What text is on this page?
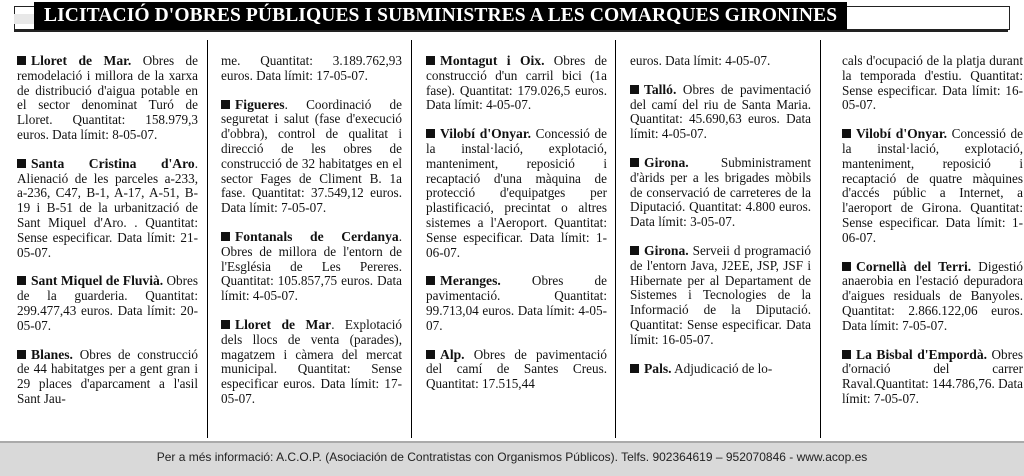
LICITACIÓ D'OBRES PÚBLIQUES I SUBMINISTRES A LES COMARQUES GIRONINES
Lloret de Mar. Obres de remodelació i millora de la xarxa de distribució d'aigua potable en el sector denominat Turó de Lloret. Quantitat: 158.979,3 euros. Data límit: 8-05-07.
Santa Cristina d'Aro. Alienació de les parceles a-233, a-236, C47, B-1, A-17, A-51, B-19 i B-51 de la urbanització de Sant Miquel d'Aro. . Quantitat: Sense especificar. Data límit: 21-05-07.
Sant Miquel de Fluvià. Obres de la guarderia. Quantitat: 299.477,43 euros. Data límit: 20-05-07.
Blanes. Obres de construcció de 44 habitatges per a gent gran i 29 places d'aparcament a l'asil Sant Jau-
me. Quantitat: 3.189.762,93 euros. Data límit: 17-05-07.
Figueres. Coordinació de seguretat i salut (fase d'execució d'obbra), control de qualitat i direcció de les obres de construcció de 32 habitatges en el sector Fages de Climent B. 1a fase. Quantitat: 37.549,12 euros. Data límit: 7-05-07.
Fontanals de Cerdanya. Obres de millora de l'entorn de l'Església de Les Pereres. Quantitat: 105.857,75 euros. Data límit: 4-05-07.
Lloret de Mar. Explotació dels llocs de venta (parades), magatzem i càmera del mercat municipal. Quantitat: Sense especificar euros. Data límit: 17-05-07.
Montagut i Oix. Obres de construcció d'un carril bici (1a fase). Quantitat: 179.026,5 euros. Data límit: 4-05-07.
Vilobí d'Onyar. Concessió de la instal·lació, explotació, manteniment, reposició i recaptació d'una màquina de protecció d'equipatges per plastificació, precintat o altres sistemes a l'Aeroport. Quantitat: Sense especificar. Data límit: 1-06-07.
Meranges. Obres de pavimentació. Quantitat: 99.713,04 euros. Data límit: 4-05-07.
Alp. Obres de pavimentació del camí de Santes Creus. Quantitat: 17.515,44
euros. Data límit: 4-05-07.
Talló. Obres de pavimentació del camí del riu de Santa Maria. Quantitat: 45.690,63 euros. Data límit: 4-05-07.
Girona. Subministrament d'àrids per a les brigades mòbils de conservació de carreteres de la Diputació. Quantitat: 4.800 euros. Data límit: 3-05-07.
Girona. Serveii d programació de l'entorn Java, J2EE, JSP, JSF i Hibernate per al Departament de Sistemes i Tecnologies de la Informació de la Diputació. Quantitat: Sense especificar. Data límit: 16-05-07.
Pals. Adjudicació de lo-
cals d'ocupació de la platja durant la temporada d'estiu. Quantitat: Sense especificar. Data límit: 16-05-07.
Vilobí d'Onyar. Concessió de la instal·lació, explotació, manteniment, reposició i recaptació de quatre màquines d'accés públic a Internet, a l'aeroport de Girona. Quantitat: Sense especificar. Data límit: 1-06-07.
Cornellà del Terri. Digestió anaerobia en l'estació depuradora d'aigues residuals de Banyoles. Quantitat: 2.866.122,06 euros. Data límit: 7-05-07.
La Bisbal d'Empordà. Obres d'ornació del carrer Raval.Quantitat: 144.786,76. Data límit: 7-05-07.
Per a més informació: A.C.O.P. (Asociación de Contratistas con Organismos Públicos). Telfs. 902364619 – 952070846 - www.acop.es
